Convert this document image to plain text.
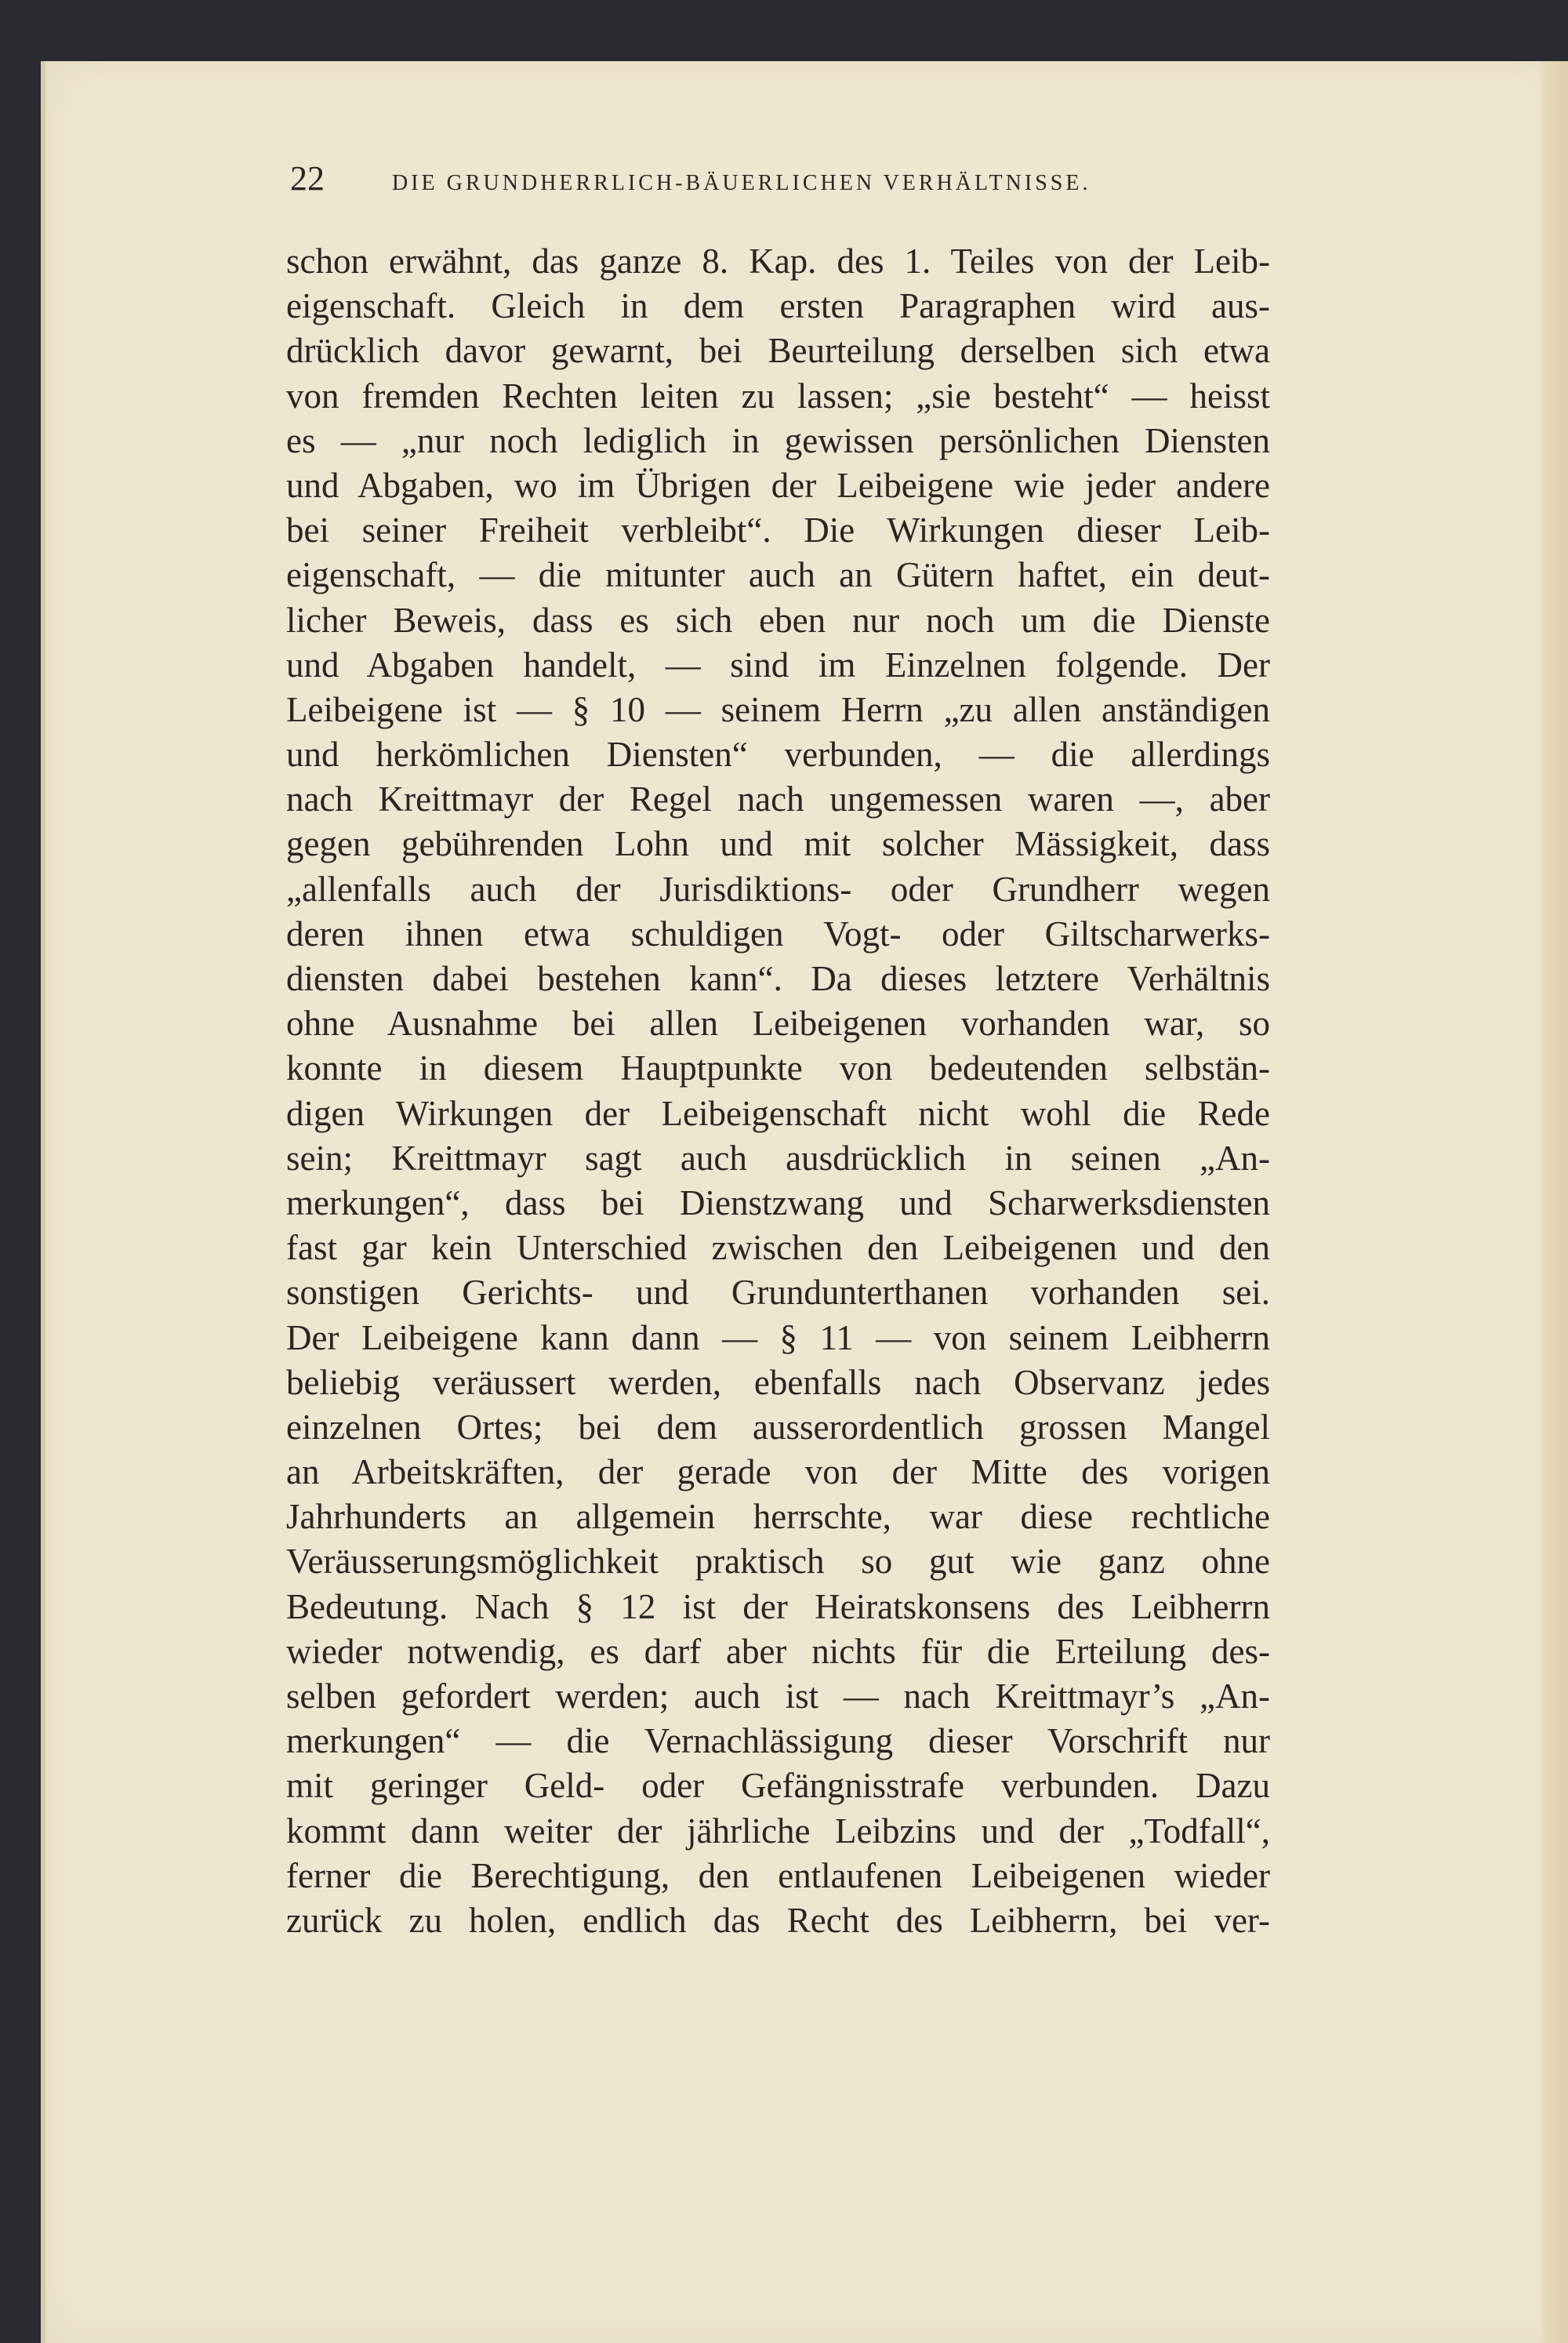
22	DIE GRUNDHERRLICH-BÄUERLICHEN VERHÄLTNISSE.
schon erwähnt, das ganze 8. Kap. des 1. Teiles von der Leib-
eigenschaft. Gleich in dem ersten Paragraphen wird aus-
drücklich davor gewarnt, bei Beurteilung derselben sich etwa
von fremden Rechten leiten zu lassen; „sie besteht“ — heisst
es — „nur noch lediglich in gewissen persönlichen Diensten
und Abgaben, wo im Übrigen der Leibeigene wie jeder andere
bei seiner Freiheit verbleibt“. Die Wirkungen dieser Leib-
eigenschaft, — die mitunter auch an Gütern haftet, ein deut-
licher Beweis, dass es sich eben nur noch um die Dienste
und Abgaben handelt, — sind im Einzelnen folgende. Der
Leibeigene ist — § 10 — seinem Herrn „zu allen anständigen
und herkömlichen Diensten“ verbunden, — die allerdings
nach Kreittmayr der Regel nach ungemessen waren —, aber
gegen gebührenden Lohn und mit solcher Mässigkeit, dass
„allenfalls auch der Jurisdiktions- oder Grundherr wegen
deren ihnen etwa schuldigen Vogt- oder Giltscharwerks-
diensten dabei bestehen kann“. Da dieses letztere Verhältnis
ohne Ausnahme bei allen Leibeigenen vorhanden war, so
konnte in diesem Hauptpunkte von bedeutenden selbstän-
digen Wirkungen der Leibeigenschaft nicht wohl die Rede
sein; Kreittmayr sagt auch ausdrücklich in seinen „An-
merkungen“, dass bei Dienstzwang und Scharwerksdiensten
fast gar kein Unterschied zwischen den Leibeigenen und den
sonstigen Gerichts- und Grundunterthanen vorhanden sei.
Der Leibeigene kann dann — § 11 — von seinem Leibherrn
beliebig veräussert werden, ebenfalls nach Observanz jedes
einzelnen Ortes; bei dem ausserordentlich grossen Mangel
an Arbeitskräften, der gerade von der Mitte des vorigen
Jahrhunderts an allgemein herrschte, war diese rechtliche
Veräusserungsmöglichkeit praktisch so gut wie ganz ohne
Bedeutung. Nach § 12 ist der Heiratskonsens des Leibherrn
wieder notwendig, es darf aber nichts für die Erteilung des-
selben gefordert werden; auch ist — nach Kreittmayr’s „An-
merkungen“ — die Vernachlässigung dieser Vorschrift nur
mit geringer Geld- oder Gefängnisstrafe verbunden. Dazu
kommt dann weiter der jährliche Leibzins und der „Todfall“,
ferner die Berechtigung, den entlaufenen Leibeigenen wieder
zurück zu holen, endlich das Recht des Leibherrn, bei ver-
